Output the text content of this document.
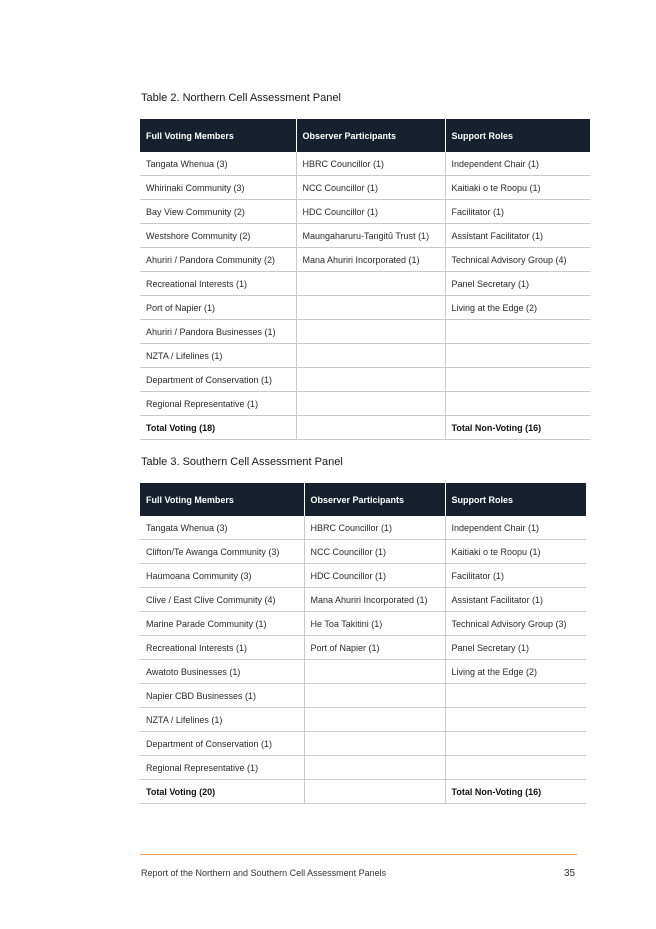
Table 2. Northern Cell Assessment Panel
Full Voting Members	Observer Participants	Support Roles
Tangata Whenua (3)	HBRC Councillor (1)	Independent Chair (1)
Whirinaki Community (3)	NCC Councillor (1)	Kaitiaki o te Roopu (1)
Bay View Community (2)	HDC Councillor (1)	Facilitator (1)
Westshore Community (2)	Maungaharuru-Tangitū Trust (1)	Assistant Facilitator (1)
Ahuriri / Pandora Community (2)	Mana Ahuriri Incorporated (1)	Technical Advisory Group (4)
Recreational Interests (1)		Panel Secretary (1)
Port of Napier (1)		Living at the Edge (2)
Ahuriri / Pandora Businesses (1)		
NZTA / Lifelines (1)		
Department of Conservation (1)		
Regional Representative (1)		
Total Voting (18)		Total Non-Voting (16)
Table 3. Southern Cell Assessment Panel
Full Voting Members	Observer Participants	Support Roles
Tangata Whenua (3)	HBRC Councillor (1)	Independent Chair (1)
Clifton/Te Awanga Community (3)	NCC Councillor (1)	Kaitiaki o te Roopu (1)
Haumoana Community (3)	HDC Councillor (1)	Facilitator (1)
Clive / East Clive Community (4)	Mana Ahuriri Incorporated (1)	Assistant Facilitator (1)
Marine Parade Community (1)	He Toa Takitini (1)	Technical Advisory Group (3)
Recreational Interests (1)	Port of Napier (1)	Panel Secretary (1)
Awatoto Businesses (1)		Living at the Edge (2)
Napier CBD Businesses (1)		
NZTA / Lifelines (1)		
Department of Conservation (1)		
Regional Representative (1)		
Total Voting (20)		Total Non-Voting (16)
Report of the Northern and Southern Cell Assessment Panels	35
